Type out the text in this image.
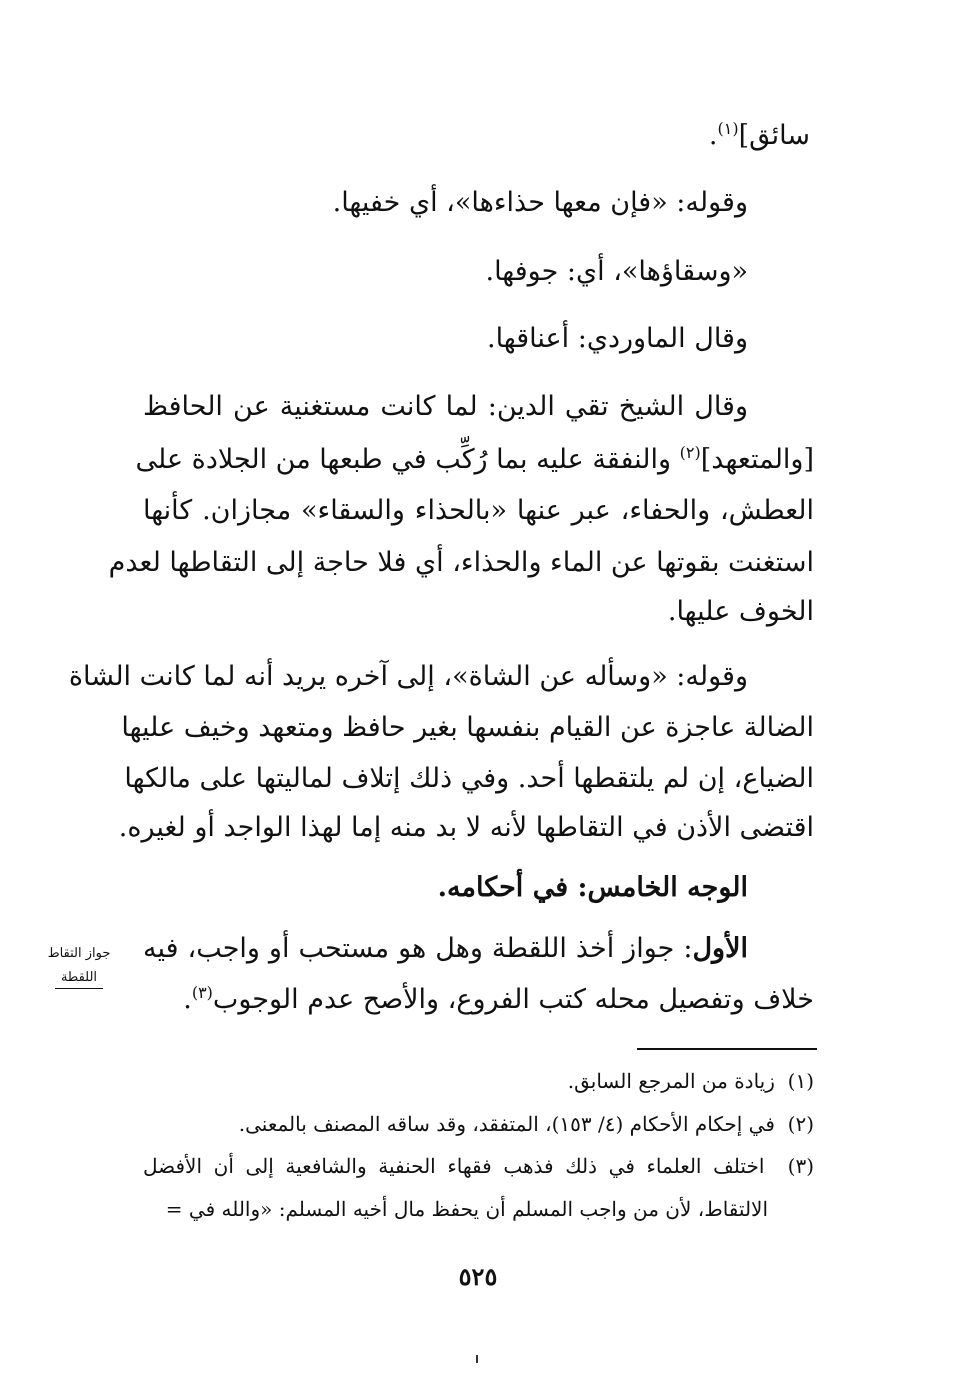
سائق]$^{(١)}$.
وقوله: «فإن معها حذاءها»، أي خفيها.
«وسقاؤها»، أي: جوفها.
وقال الماوردي: أعناقها.
وقال الشيخ تقي الدين: لما كانت مستغنية عن الحافظ
[والمتعهد]$^{(٢)}$ والنفقة عليه بما رُكِّب في طبعها من الجلادة على
العطش، والحفاء، عبر عنها «بالحذاء والسقاء» مجازان. كأنها
استغنت بقوتها عن الماء والحذاء، أي فلا حاجة إلى التقاطها لعدم
الخوف عليها.
وقوله: «وسأله عن الشاة»، إلى آخره يريد أنه لما كانت الشاة
الضالة عاجزة عن القيام بنفسها بغير حافظ ومتعهد وخيف عليها
الضياع، إن لم يلتقطها أحد. وفي ذلك إتلاف لماليتها على مالكها
اقتضى الأذن في التقاطها لأنه لا بد منه إما لهذا الواجد أو لغيره.
الوجه الخامس: في أحكامه.
الأول: جواز أخذ اللقطة وهل هو مستحب أو واجب، فيه
خلاف وتفصيل محله كتب الفروع، والأصح عدم الوجوب$^{(٣)}$.
جواز التقاط
اللقطة
(١)  زيادة من المرجع السابق.
(٢)  في إحكام الأحكام (٤/ ١٥٣)، المتفقد، وقد ساقه المصنف بالمعنى.
(٣)  اختلف العلماء في ذلك فذهب فقهاء الحنفية والشافعية إلى أن الأفضل
الالتقاط، لأن من واجب المسلم أن يحفظ مال أخيه المسلم: «والله في =
٥٢٥
